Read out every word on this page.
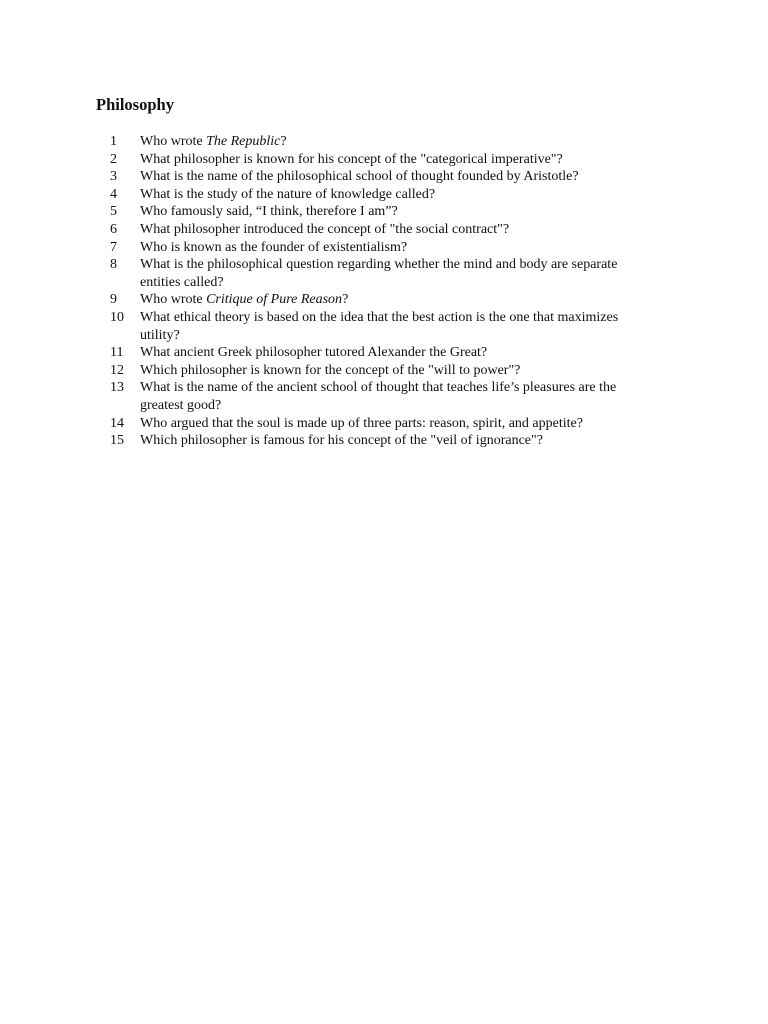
Philosophy
1	Who wrote The Republic?
2	What philosopher is known for his concept of the "categorical imperative"?
3	What is the name of the philosophical school of thought founded by Aristotle?
4	What is the study of the nature of knowledge called?
5	Who famously said, “I think, therefore I am”?
6	What philosopher introduced the concept of "the social contract"?
7	Who is known as the founder of existentialism?
8	What is the philosophical question regarding whether the mind and body are separate entities called?
9	Who wrote Critique of Pure Reason?
10	What ethical theory is based on the idea that the best action is the one that maximizes utility?
11	What ancient Greek philosopher tutored Alexander the Great?
12	Which philosopher is known for the concept of the "will to power"?
13	What is the name of the ancient school of thought that teaches life’s pleasures are the greatest good?
14	Who argued that the soul is made up of three parts: reason, spirit, and appetite?
15	Which philosopher is famous for his concept of the "veil of ignorance"?
